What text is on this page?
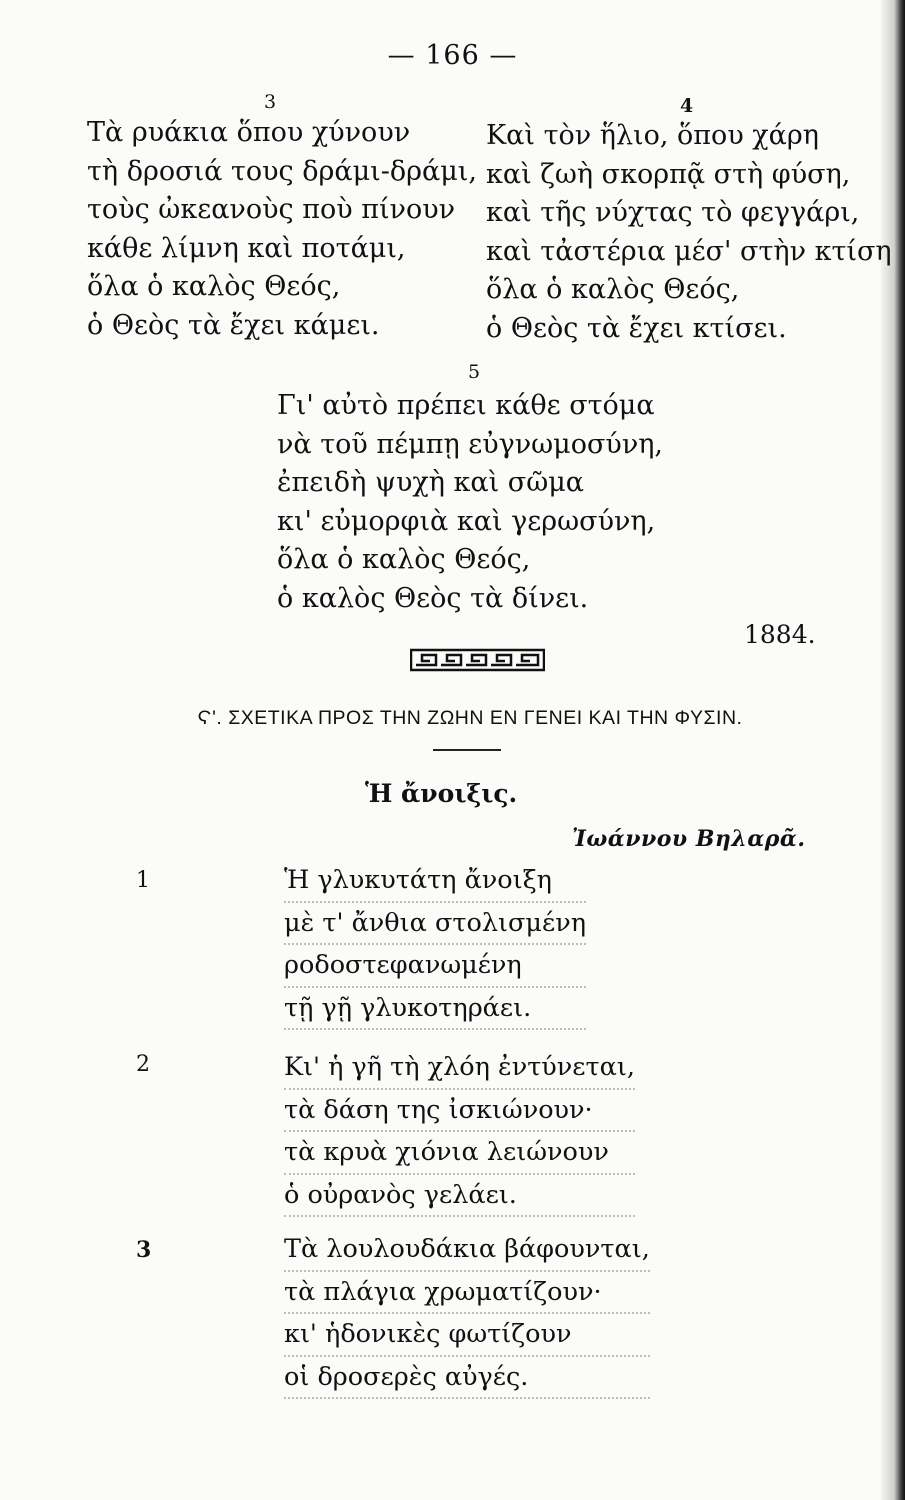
— 166 —
3
Τὰ ρυάκια ὅπου χύνουν
τὴ δροσιά τους δράμι-δράμι,
τοὺς ὠκεανοὺς ποὺ πίνουν
κάθε λίμνη καὶ ποτάμι,
ὅλα ὁ καλὸς Θεός,
ὁ Θεὸς τὰ ἔχει κάμει.
4
Καὶ τὸν ἥλιο, ὅπου χάρη
καὶ ζωὴ σκορπᾷ στὴ φύση,
καὶ τῆς νύχτας τὸ φεγγάρι,
καὶ τἀστέρια μέσ' στὴν κτίση
ὅλα ὁ καλὸς Θεός,
ὁ Θεὸς τὰ ἔχει κτίσει.
5
Γι' αὐτὸ πρέπει κάθε στόμα
νὰ τοῦ πέμπῃ εὐγνωμοσύνη,
ἐπειδὴ ψυχὴ καὶ σῶμα
κι' εὐμορφιὰ καὶ γερωσύνη,
ὅλα ὁ καλὸς Θεός,
ὁ καλὸς Θεὸς τὰ δίνει.
1884.
Ϛ'. ΣΧΕΤΙΚΑ ΠΡΟΣ ΤΗΝ ΖΩΗΝ ΕΝ ΓΕΝΕΙ ΚΑΙ ΤΗΝ ΦΥΣΙΝ.
Ἡ ἄνοιξις.
Ἰωάννου Βηλαρᾶ.
1	Ἡ γλυκυτάτη ἄνοιξη
μὲ τ' ἄνθια στολισμένη
ροδοστεφανωμένη
τῇ γῇ γλυκοτηράει.
2	Κι' ἡ γῆ τὴ χλόη ἐντύνεται,
τὰ δάση της ἰσκιώνουν·
τὰ κρυὰ χιόνια λειώνουν
ὁ οὐρανὸς γελάει.
3	Τὰ λουλουδάκια βάφουνται,
τὰ πλάγια χρωματίζουν·
κι' ἡδονικὲς φωτίζουν
οἱ δροσερὲς αὐγές.
